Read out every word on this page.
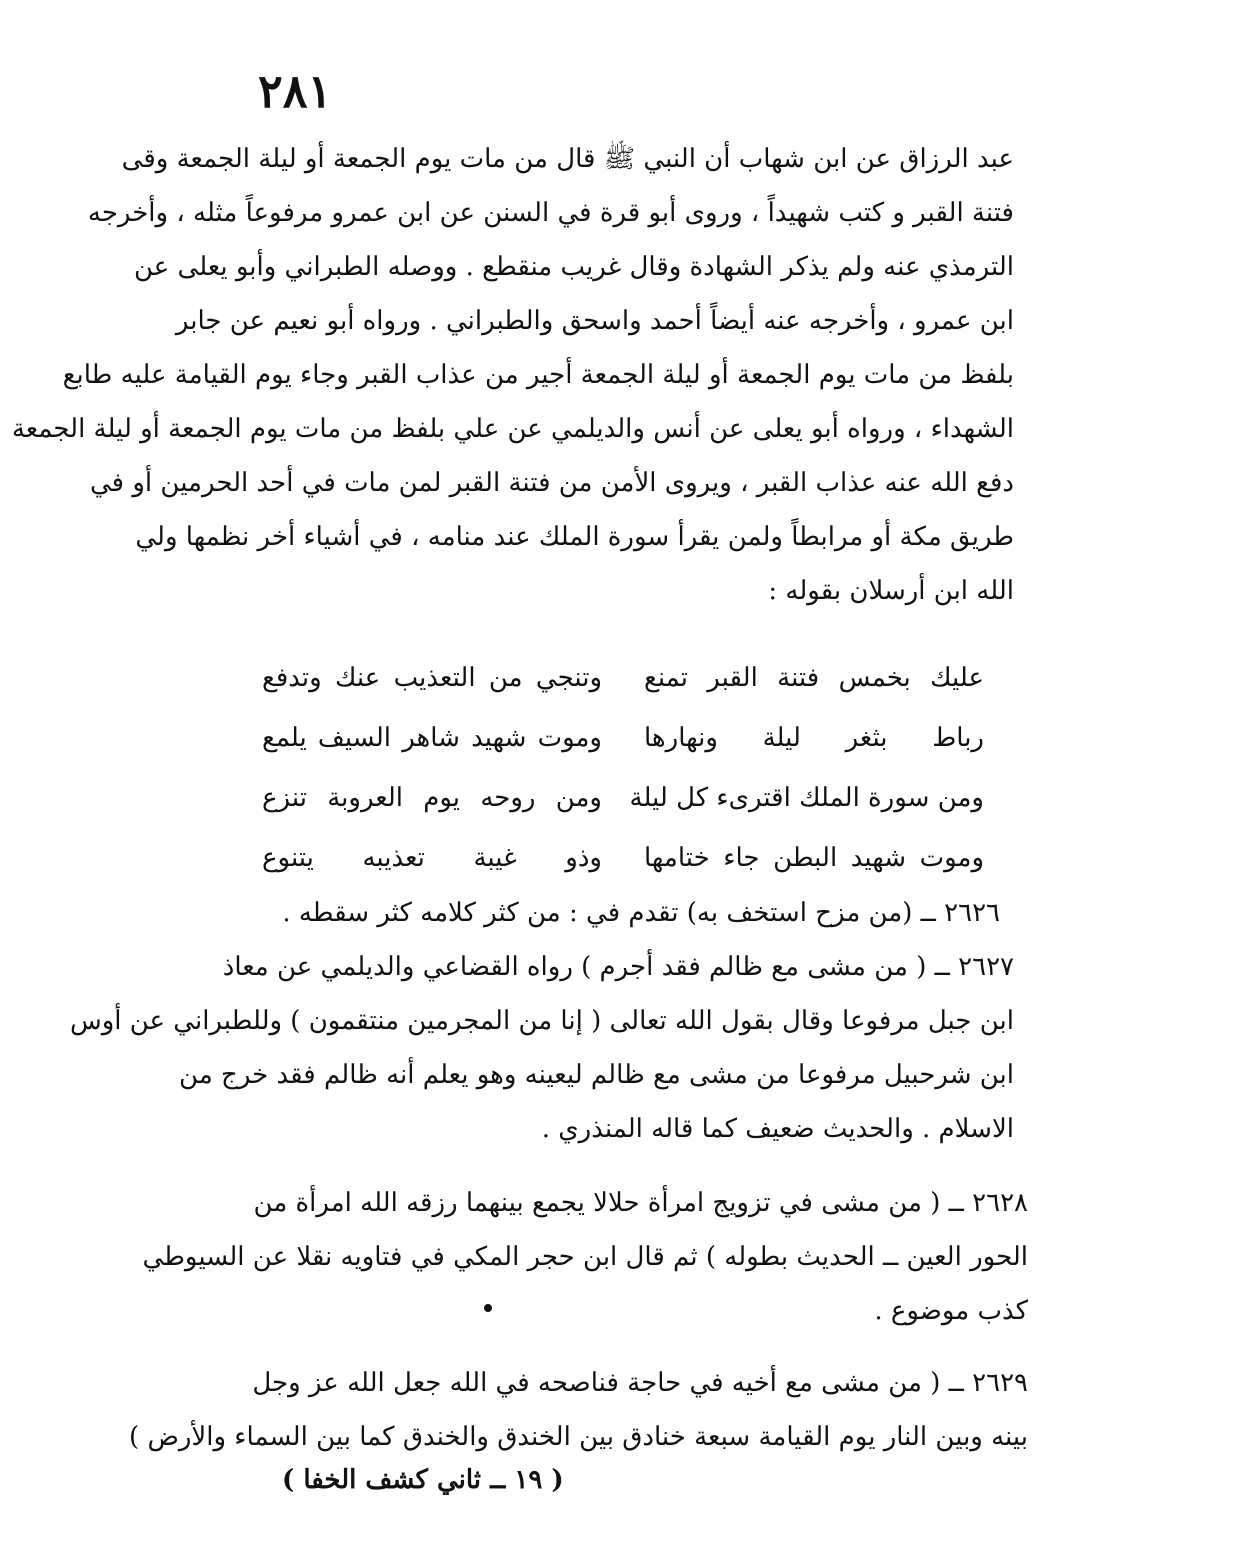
٢٨١
عبد الرزاق عن ابن شهاب أن النبي ﷺ قال من مات يوم الجمعة أو ليلة الجمعة وقى
فتنة القبر و كتب شهيداً ، وروى أبو قرة في السنن عن ابن عمرو مرفوعاً مثله ، وأخرجه
الترمذي عنه ولم يذكر الشهادة وقال غريب منقطع . ووصله الطبراني وأبو يعلى عن
ابن عمرو ، وأخرجه عنه أيضاً أحمد واسحق والطبراني . ورواه أبو نعيم عن جابر
بلفظ من مات يوم الجمعة أو ليلة الجمعة أجير من عذاب القبر وجاء يوم القيامة عليه طابع
الشهداء ، ورواه أبو يعلى عن أنس والديلمي عن علي بلفظ من مات يوم الجمعة أو ليلة الجمعة
دفع الله عنه عذاب القبر ، ويروى الأمن من فتنة القبر لمن مات في أحد الحرمين أو في
طريق مكة أو مرابطاً ولمن يقرأ سورة الملك عند منامه ، في أشياء أخر نظمها ولي
الله ابن أرسلان بقوله :
عليك بخمس فتنة القبر تمنع
وتنجي من التعذيب عنك وتدفع
رباط بثغر ليلة ونهارها
وموت شهيد شاهر السيف يلمع
ومن سورة الملك اقترىء كل ليلة
ومن روحه يوم العروبة تنزع
وموت شهيد البطن جاء ختامها
وذو غيبة تعذيبه يتنوع
٢٦٢٦ ــ (من مزح استخف به) تقدم في : من كثر كلامه كثر سقطه .
٢٦٢٧ ــ ( من مشى مع ظالم فقد أجرم ) رواه القضاعي والديلمي عن معاذ
ابن جبل مرفوعا وقال بقول الله تعالى ( إنا من المجرمين منتقمون ) وللطبراني عن أوس
ابن شرحبيل مرفوعا من مشى مع ظالم ليعينه وهو يعلم أنه ظالم فقد خرج من
الاسلام . والحديث ضعيف كما قاله المنذري .
٢٦٢٨ ــ ( من مشى في تزويج امرأة حلالا يجمع بينهما رزقه الله امرأة من
الحور العين ــ الحديث بطوله ) ثم قال ابن حجر المكي في فتاويه نقلا عن السيوطي
كذب موضوع .
٢٦٢٩ ــ ( من مشى مع أخيه في حاجة فناصحه في الله جعل الله عز وجل
بينه وبين النار يوم القيامة سبعة خنادق بين الخندق والخندق كما بين السماء والأرض )
( ١٩ ــ ثاني كشف الخفا )
